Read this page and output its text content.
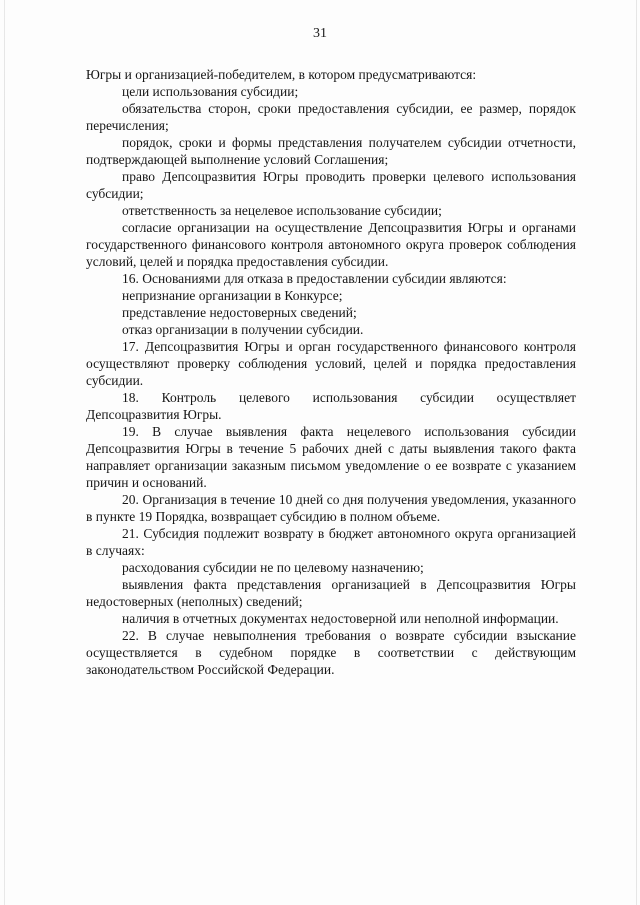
31

Югры и организацией-победителем, в котором предусматриваются:

цели использования субсидии;

обязательства сторон, сроки предоставления субсидии, ее размер, порядок перечисления;

порядок, сроки и формы представления получателем субсидии отчетности, подтверждающей выполнение условий Соглашения;

право Депсоцразвития Югры проводить проверки целевого использования субсидии;

ответственность за нецелевое использование субсидии;

согласие организации на осуществление Депсоцразвития Югры и органами государственного финансового контроля автономного округа проверок соблюдения условий, целей и порядка предоставления субсидии.

16. Основаниями для отказа в предоставлении субсидии являются:

непризнание организации в Конкурсе;

представление недостоверных сведений;

отказ организации в получении субсидии.

17. Депсоцразвития Югры и орган государственного финансового контроля осуществляют проверку соблюдения условий, целей и порядка предоставления субсидии.

18. Контроль целевого использования субсидии осуществляет Депсоцразвития Югры.

19. В случае выявления факта нецелевого использования субсидии Депсоцразвития Югры в течение 5 рабочих дней с даты выявления такого факта направляет организации заказным письмом уведомление о ее возврате с указанием причин и оснований.

20. Организация в течение 10 дней со дня получения уведомления, указанного в пункте 19 Порядка, возвращает субсидию в полном объеме.

21. Субсидия подлежит возврату в бюджет автономного округа организацией в случаях:

расходования субсидии не по целевому назначению;

выявления факта представления организацией в Депсоцразвития Югры недостоверных (неполных) сведений;

наличия в отчетных документах недостоверной или неполной информации.

22. В случае невыполнения требования о возврате субсидии взыскание осуществляется в судебном порядке в соответствии с действующим законодательством Российской Федерации.
